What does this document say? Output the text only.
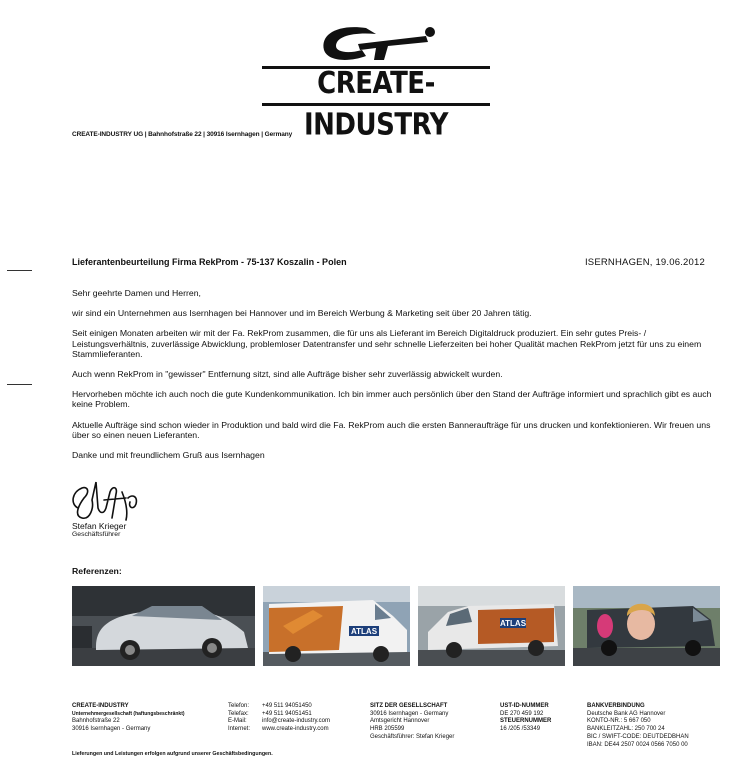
CREATE-INDUSTRY
CREATE-INDUSTRY UG | Bahnhofstraße 22 | 30916 Isernhagen | Germany
Lieferantenbeurteilung Firma RekProm - 75-137 Koszalin - Polen	ISERNHAGEN, 19.06.2012

Sehr geehrte Damen und Herren,

wir sind ein Unternehmen aus Isernhagen bei Hannover und im Bereich Werbung & Marketing seit über 20 Jahren tätig.

Seit einigen Monaten arbeiten wir mit der Fa. RekProm zusammen, die für uns als Lieferant im Bereich Digitaldruck produziert. Ein sehr gutes Preis- / Leistungsverhältnis, zuverlässige Abwicklung, problemloser Datentransfer und sehr schnelle Lieferzeiten bei hoher Qualität machen RekProm jetzt für uns zu einem Stammlieferanten.

Auch wenn RekProm in "gewisser" Entfernung sitzt, sind alle Aufträge bisher sehr zuverlässig abwickelt wurden.

Hervorheben möchte ich auch noch die gute Kundenkommunikation. Ich bin immer auch persönlich über den Stand der Aufträge informiert und sprachlich gibt es auch keine Problem.

Aktuelle Aufträge sind schon wieder in Produktion und bald wird die Fa. RekProm auch die ersten Banneraufträge für uns drucken und konfektionieren. Wir freuen uns über so einen neuen Lieferanten.

Danke und mit freundlichem Gruß aus Isernhagen

Stefan Krieger
Geschäftsführer
Referenzen:
ATLAS
ATLAS
CREATE-INDUSTRY
Unternehmergesellschaft (haftungsbeschränkt)
Bahnhofstraße 22
30916 Isernhagen - Germany
Telefon:	+49 511 94051450
Telefax:	+49 511 94051451
E-Mail:	info@create-industry.com
Internet:	www.create-industry.com
SITZ DER GESELLSCHAFT
30916 Isernhagen - Germany
Amtsgericht Hannover
HRB 205599
Geschäftsführer: Stefan Krieger
UST-ID-NUMMER
DE 270 459 192
STEUERNUMMER
16 /205 /53349
BANKVERBINDUNG
Deutsche Bank AG Hannover
KONTO-NR.: 5 667 050
BANKLEITZAHL: 250 700 24
BIC / SWIFT-CODE: DEUTDEDBHAN
IBAN: DE44 2507 0024 0566 7050 00
Lieferungen und Leistungen erfolgen aufgrund unserer Geschäftsbedingungen.
